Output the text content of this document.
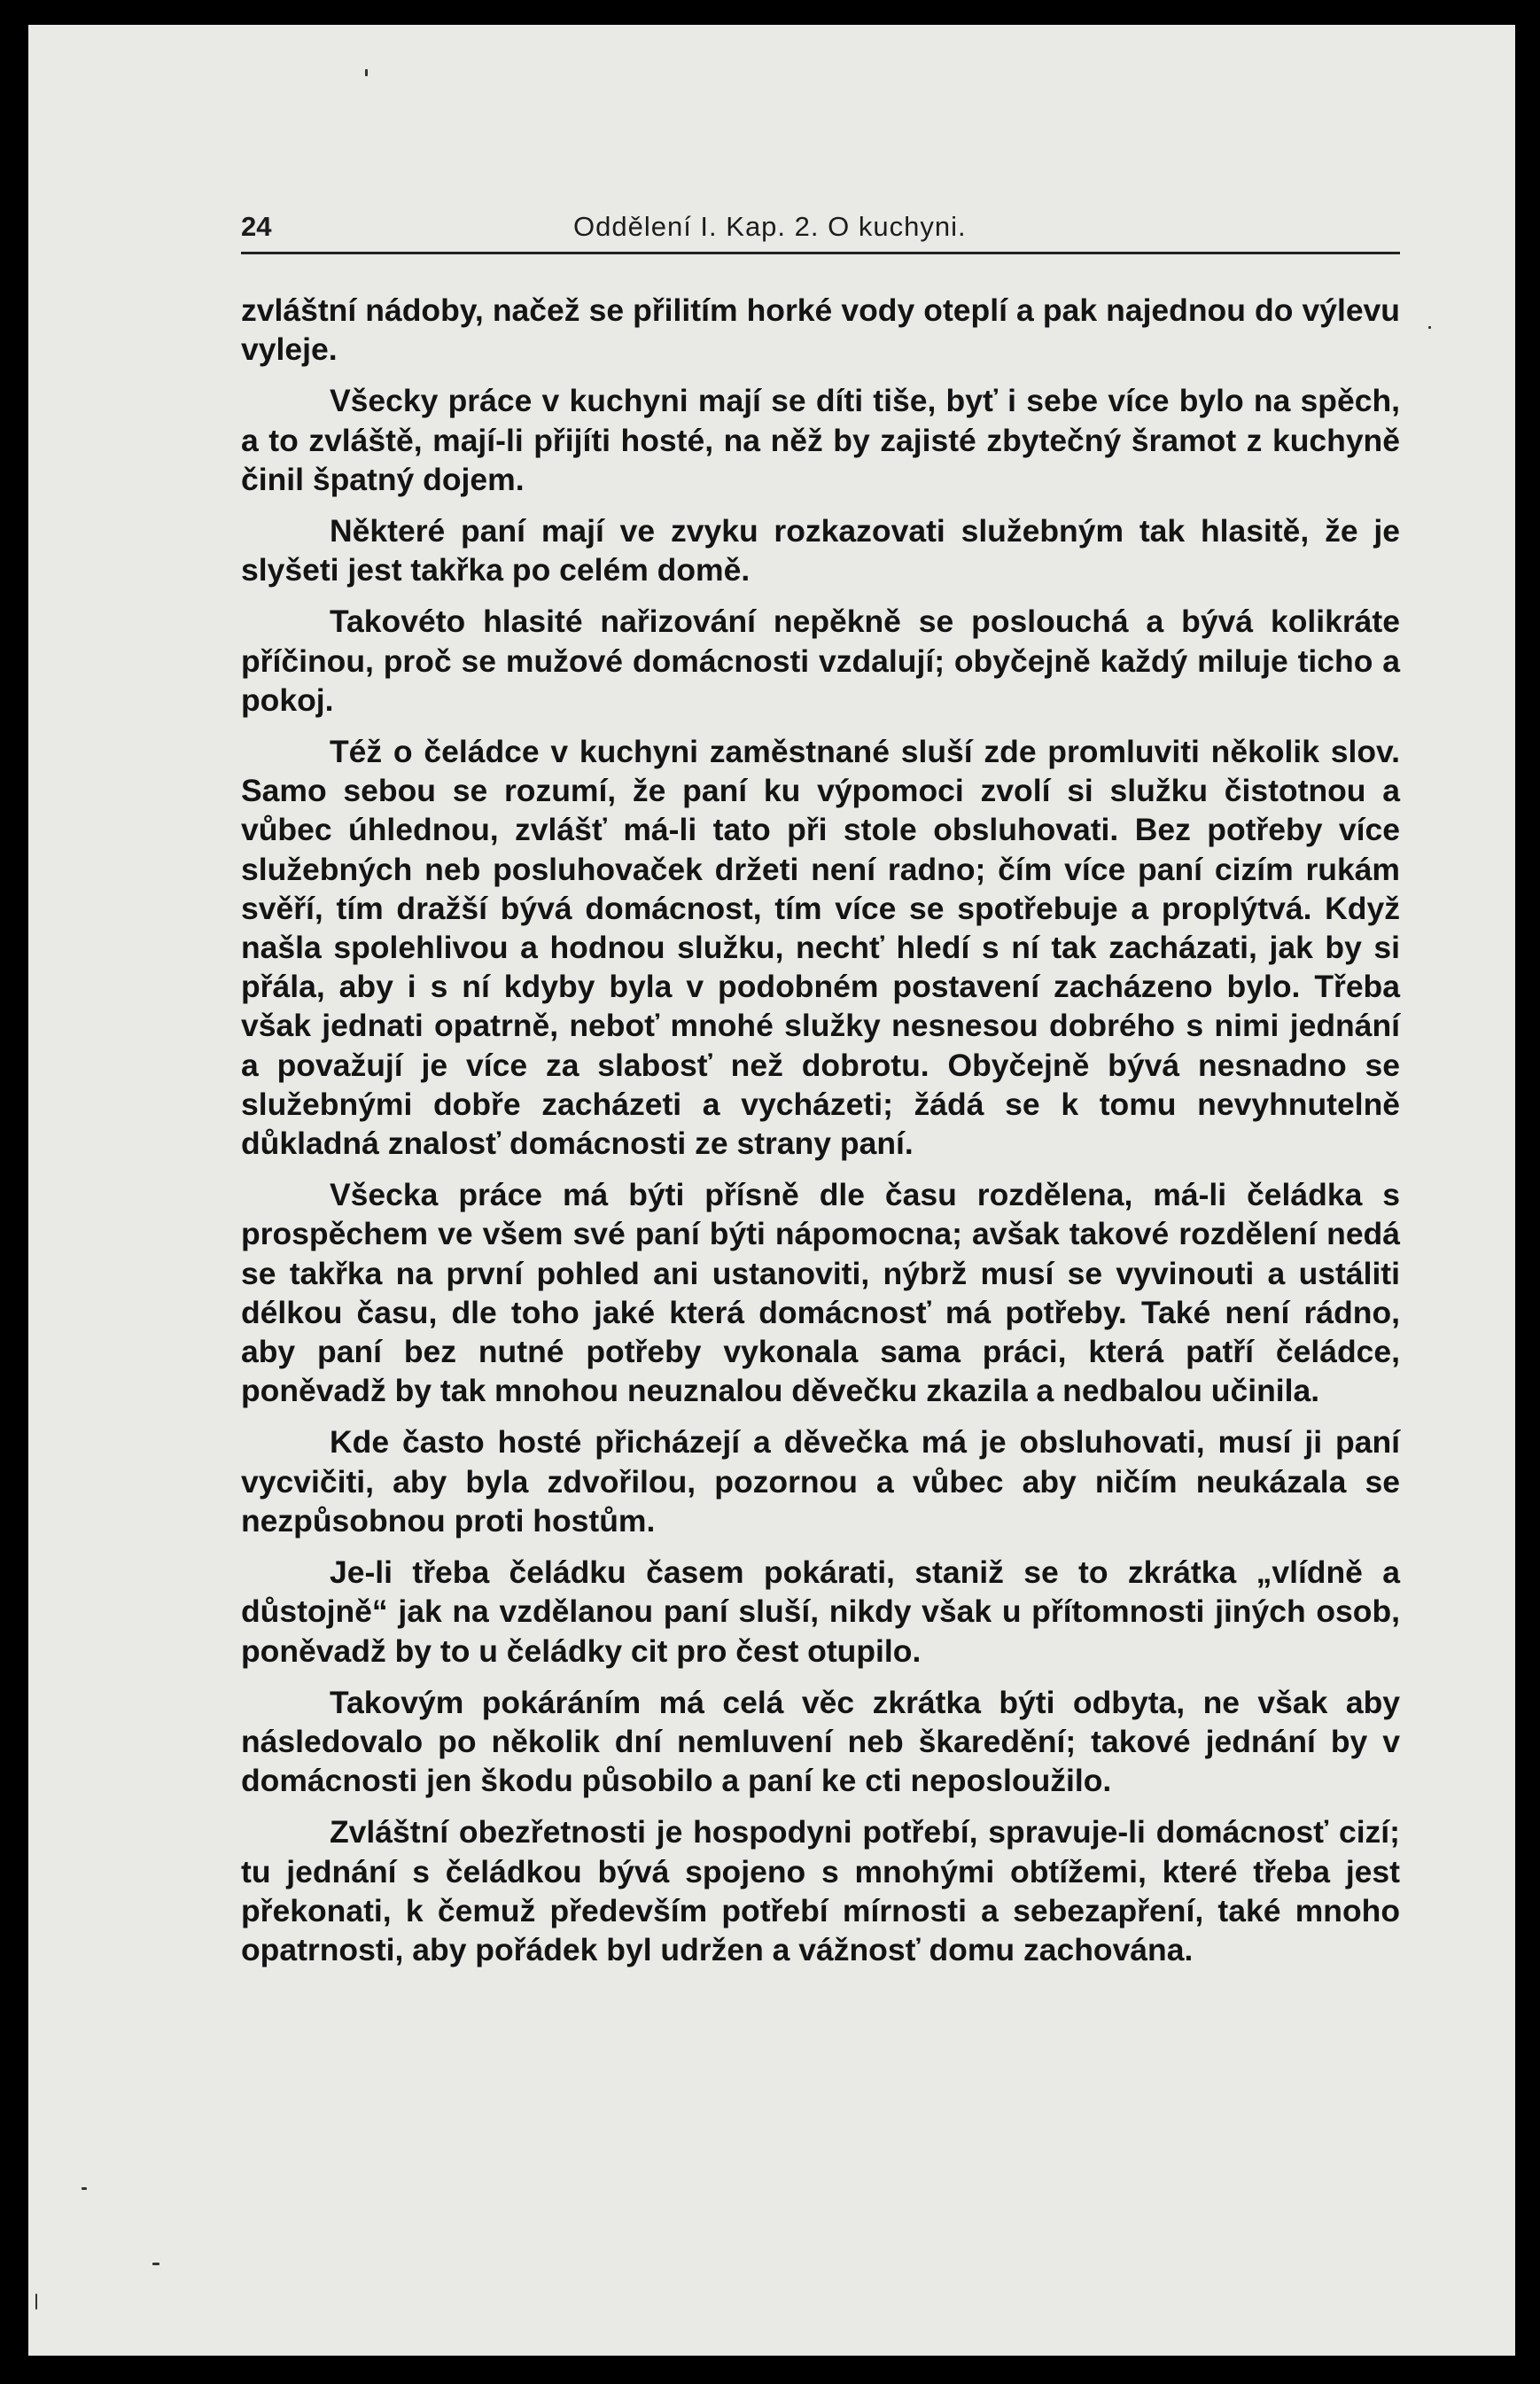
24	Oddělení I. Kap. 2. O kuchyni.

zvláštní nádoby, načež se přilitím horké vody oteplí a pak najednou do výlevu vyleje.

Všecky práce v kuchyni mají se díti tiše, byť i sebe více bylo na spěch, a to zvláště, mají-li přijíti hosté, na něž by zajisté zbytečný šramot z kuchyně činil špatný dojem.

Některé paní mají ve zvyku rozkazovati služebným tak hlasitě, že je slyšeti jest takřka po celém domě.

Takovéto hlasité nařizování nepěkně se poslouchá a bývá kolikráte příčinou, proč se mužové domácnosti vzdalují; obyčejně každý miluje ticho a pokoj.

Též o čeládce v kuchyni zaměstnané sluší zde promluviti několik slov. Samo sebou se rozumí, že paní ku výpomoci zvolí si služku čistotnou a vůbec úhlednou, zvlášť má-li tato při stole obsluhovati. Bez potřeby více služebných neb posluhovaček držeti není radno; čím více paní cizím rukám svěří, tím dražší bývá domácnost, tím více se spotřebuje a proplýtvá. Když našla spolehlivou a hodnou služku, nechť hledí s ní tak zacházati, jak by si přála, aby i s ní kdyby byla v podobném postavení zacházeno bylo. Třeba však jednati opatrně, neboť mnohé služky nesnesou dobrého s nimi jednání a považují je více za slabosť než dobrotu. Obyčejně bývá nesnadno se služebnými dobře zacházeti a vycházeti; žádá se k tomu nevyhnutelně důkladná znalosť domácnosti ze strany paní.

Všecka práce má býti přísně dle času rozdělena, má-li čeládka s prospěchem ve všem své paní býti nápomocna; avšak takové rozdělení nedá se takřka na první pohled ani ustanoviti, nýbrž musí se vyvinouti a ustáliti délkou času, dle toho jaké která domácnosť má potřeby. Také není rádno, aby paní bez nutné potřeby vykonala sama práci, která patří čeládce, poněvadž by tak mnohou neuznalou děvečku zkazila a nedbalou učinila.

Kde často hosté přicházejí a děvečka má je obsluhovati, musí ji paní vycvičiti, aby byla zdvořilou, pozornou a vůbec aby ničím neukázala se nezpůsobnou proti hostům.

Je-li třeba čeládku časem pokárati, staniž se to zkrátka „vlídně a důstojně“ jak na vzdělanou paní sluší, nikdy však u přítomnosti jiných osob, poněvadž by to u čeládky cit pro čest otupilo.

Takovým pokáráním má celá věc zkrátka býti odbyta, ne však aby následovalo po několik dní nemluvení neb škaredění; takové jednání by v domácnosti jen škodu působilo a paní ke cti neposloužilo.

Zvláštní obezřetnosti je hospodyni potřebí, spravuje-li domácnosť cizí; tu jednání s čeládkou bývá spojeno s mnohými obtížemi, které třeba jest překonati, k čemuž především potřebí mírnosti a sebezapření, také mnoho opatrnosti, aby pořádek byl udržen a vážnosť domu zachována.
